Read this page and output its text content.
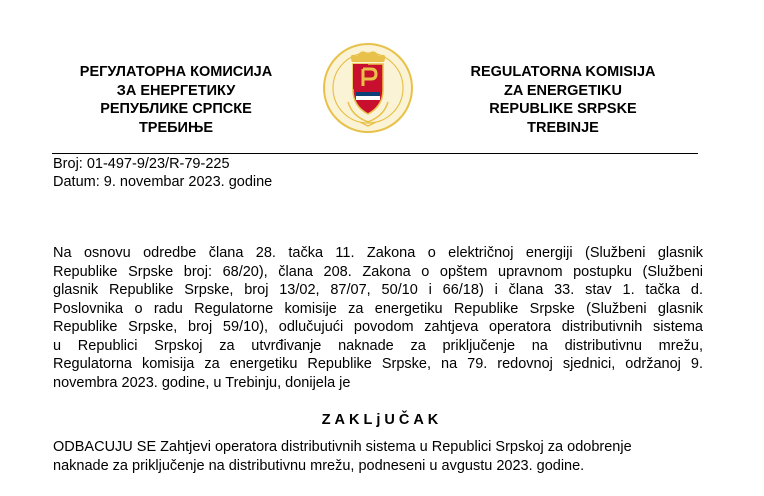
РЕГУЛАТОРНА КОМИСИЈА
ЗА ЕНЕРГЕТИКУ
РЕПУБЛИКЕ СРПСКЕ
ТРЕБИЊЕ
REGULATORNA KOMISIJA
ZA ENERGETIKU
REPUBLIKE SRPSKE
TREBINJE
Broj: 01-497-9/23/R-79-225
Datum: 9. novembar 2023. godine
Na osnovu odredbe člana 28. tačka 11. Zakona o električnoj energiji (Službeni glasnik
Republike Srpske broj: 68/20), člana 208. Zakona o opštem upravnom postupku (Službeni
glasnik Republike Srpske, broj 13/02, 87/07, 50/10 i 66/18) i člana 33. stav 1. tačka d.
Poslovnika o radu Regulatorne komisije za energetiku Republike Srpske (Službeni glasnik
Republike Srpske, broj 59/10), odlučujući povodom zahtjeva operatora distributivnih sistema
u Republici Srpskoj za utvrđivanje naknade za priključenje na distributivnu mrežu,
Regulatorna komisija za energetiku Republike Srpske, na 79. redovnoj sjednici, održanoj 9.
novembra 2023. godine, u Trebinju, donijela je
ZAKLjUČAK
ODBACUJU SE Zahtjevi operatora distributivnih sistema u Republici Srpskoj za odobrenje
naknade za priključenje na distributivnu mrežu, podneseni u avgustu 2023. godine.
